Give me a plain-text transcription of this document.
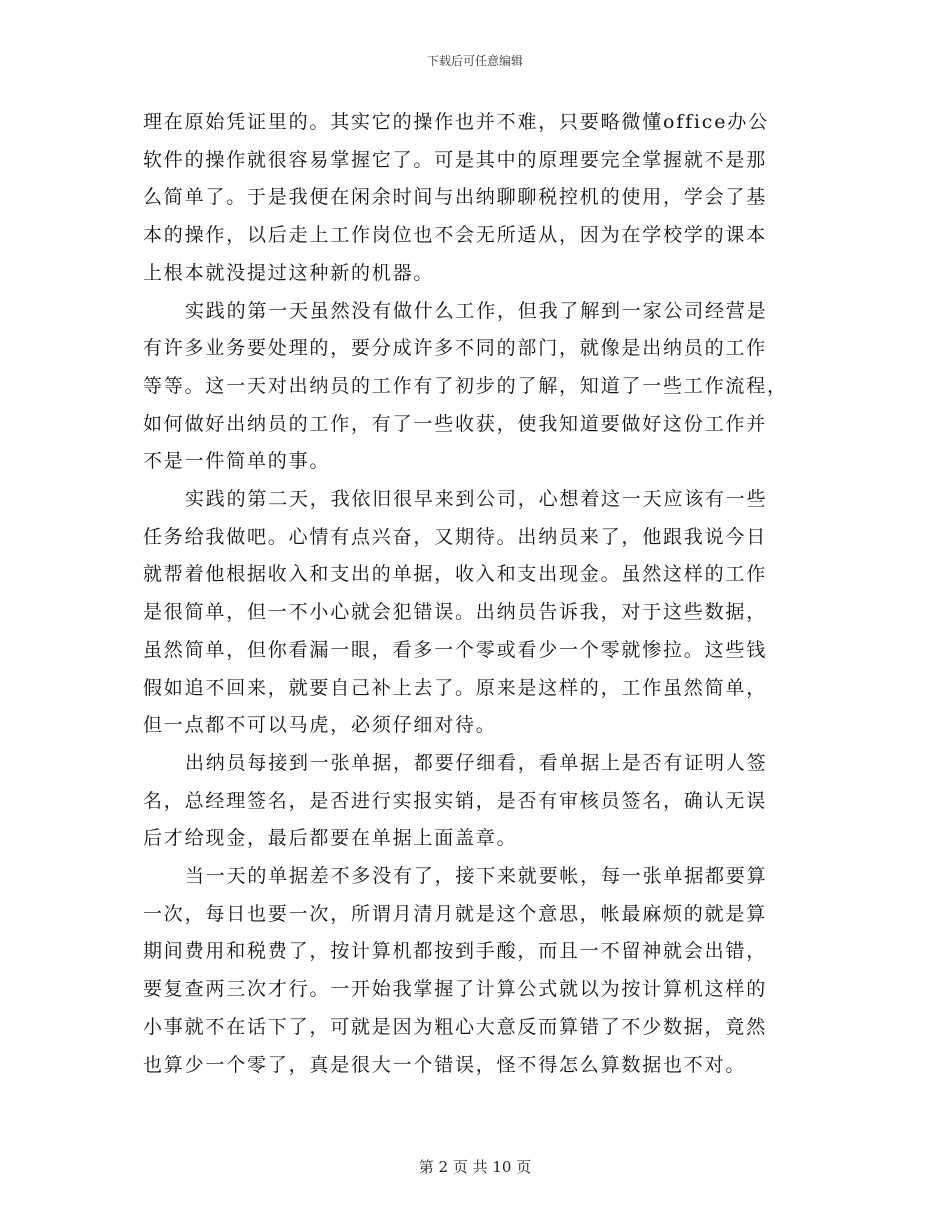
下载后可任意编辑

理在原始凭证里的。其实它的操作也并不难，只要略微懂office办公
软件的操作就很容易掌握它了。可是其中的原理要完全掌握就不是那
么简单了。于是我便在闲余时间与出纳聊聊税控机的使用，学会了基
本的操作，以后走上工作岗位也不会无所适从，因为在学校学的课本
上根本就没提过这种新的机器。

实践的第一天虽然没有做什么工作，但我了解到一家公司经营是
有许多业务要处理的，要分成许多不同的部门，就像是出纳员的工作
等等。这一天对出纳员的工作有了初步的了解，知道了一些工作流程，
如何做好出纳员的工作，有了一些收获，使我知道要做好这份工作并
不是一件简单的事。

实践的第二天，我依旧很早来到公司，心想着这一天应该有一些
任务给我做吧。心情有点兴奋，又期待。出纳员来了，他跟我说今日
就帮着他根据收入和支出的单据，收入和支出现金。虽然这样的工作
是很简单，但一不小心就会犯错误。出纳员告诉我，对于这些数据，
虽然简单，但你看漏一眼，看多一个零或看少一个零就惨拉。这些钱
假如追不回来，就要自己补上去了。原来是这样的，工作虽然简单，
但一点都不可以马虎，必须仔细对待。

出纳员每接到一张单据，都要仔细看，看单据上是否有证明人签
名，总经理签名，是否进行实报实销，是否有审核员签名，确认无误
后才给现金，最后都要在单据上面盖章。

当一天的单据差不多没有了，接下来就要帐，每一张单据都要算
一次，每日也要一次，所谓月清月就是这个意思，帐最麻烦的就是算
期间费用和税费了，按计算机都按到手酸，而且一不留神就会出错，
要复查两三次才行。一开始我掌握了计算公式就以为按计算机这样的
小事就不在话下了，可就是因为粗心大意反而算错了不少数据，竟然
也算少一个零了，真是很大一个错误，怪不得怎么算数据也不对。

第 2 页 共 10 页
